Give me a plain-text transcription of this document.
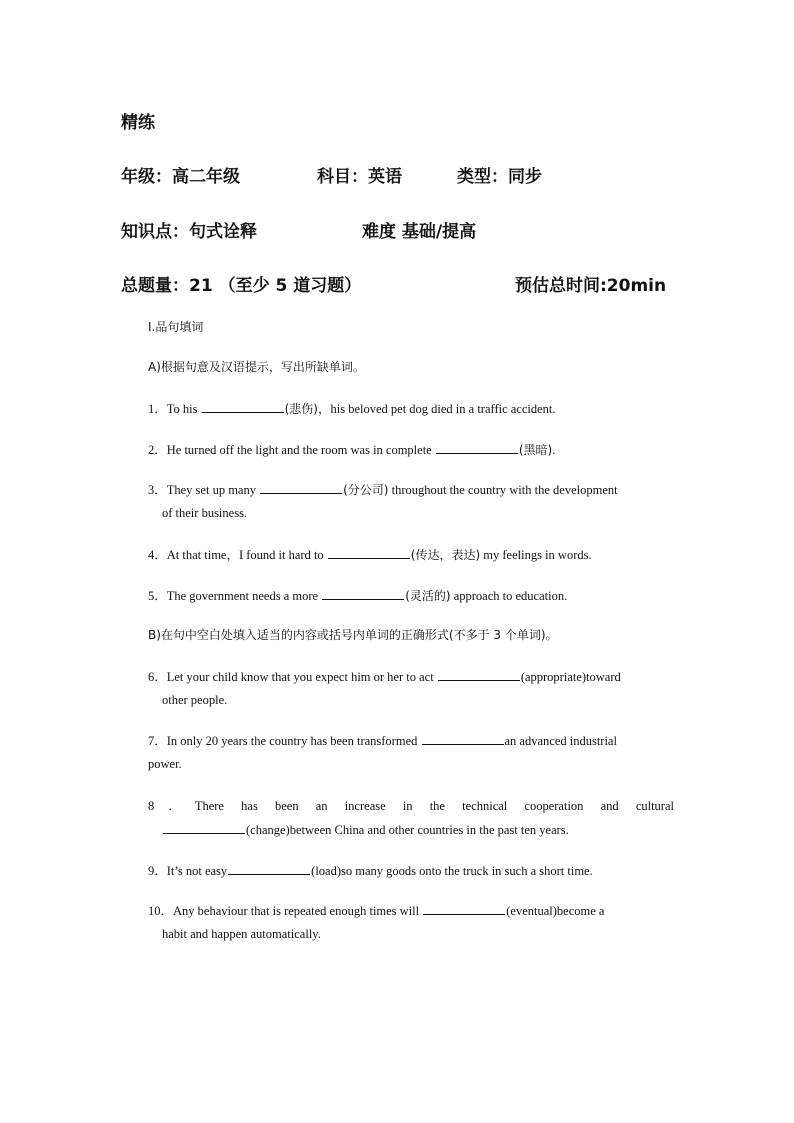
精练
年级：高二年级	科目：英语	类型：同步
知识点：句式诠释	难度 基础/提高
总题量：21 （至少 5 道习题）	预估总时间:20min
Ⅰ.品句填词
A)根据句意及汉语提示，写出所缺单词。
1．To his	(悲伤)，his beloved pet dog died in a traffic accident.
2．He turned off the light and the room was in complete	(黑暗).
3．They set up many	(分公司) throughout the country with the development
of their business.
4．At that time，I found it hard to	(传达，表达) my feelings in words.
5．The government needs a more	(灵活的) approach to education.
B)在句中空白处填入适当的内容或括号内单词的正确形式(不多于 3 个单词)。
6．Let your child know that you expect him or her to act	(appropriate)toward
other people.
7．In only 20 years the country has been transformed	an advanced industrial
power.
8．There has been an increase in the technical cooperation and cultural
(change)between China and other countries in the past ten years.
9．It’s not easy	(load)so many goods onto the truck in such a short time.
10．Any behaviour that is repeated enough times will	(eventual)become a
habit and happen automatically.
